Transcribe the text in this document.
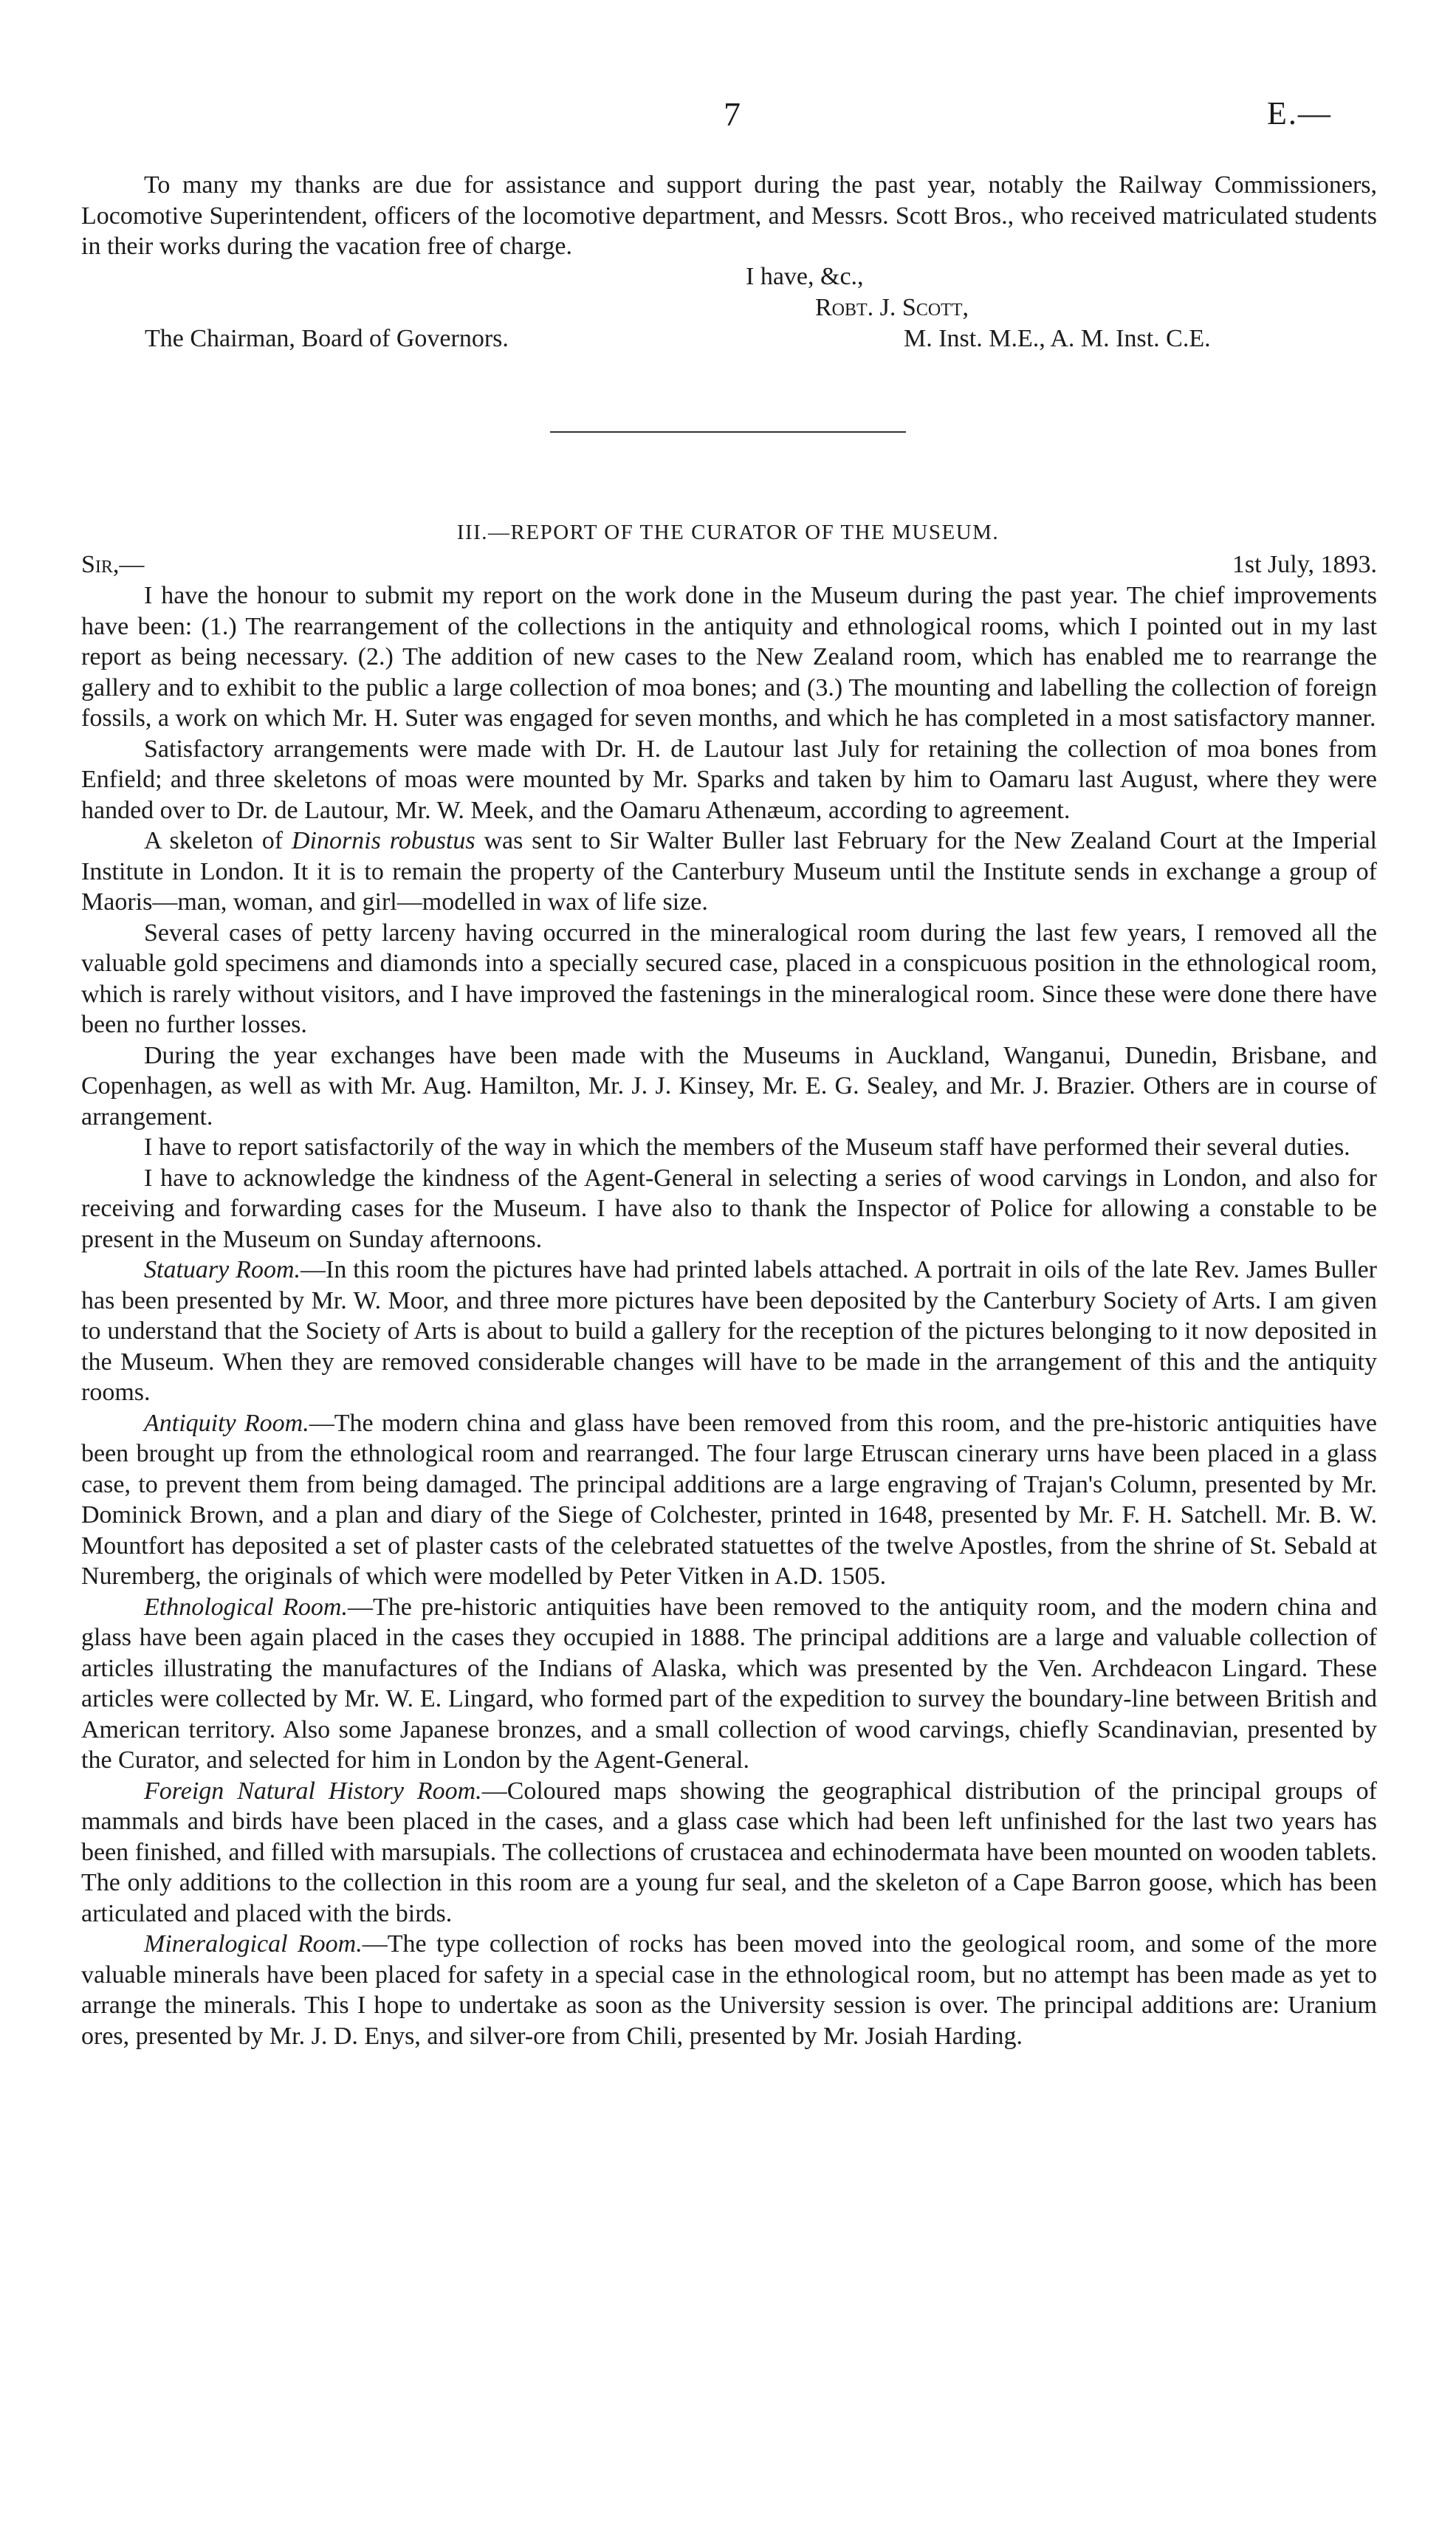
7	E.—

To many my thanks are due for assistance and support during the past year, notably the Railway Commissioners, Locomotive Superintendent, officers of the locomotive department, and Messrs. Scott Bros., who received matriculated students in their works during the vacation free of charge.

I have, &c.,
Robt. J. Scott,
The Chairman, Board of Governors.	M. Inst. M.E., A. M. Inst. C.E.
III.—REPORT OF THE CURATOR OF THE MUSEUM.
Sir,—	1st July, 1893.

I have the honour to submit my report on the work done in the Museum during the past year. The chief improvements have been: (1.) The rearrangement of the collections in the antiquity and ethnological rooms, which I pointed out in my last report as being necessary. (2.) The addition of new cases to the New Zealand room, which has enabled me to rearrange the gallery and to exhibit to the public a large collection of moa bones; and (3.) The mounting and labelling the collection of foreign fossils, a work on which Mr. H. Suter was engaged for seven months, and which he has completed in a most satisfactory manner.

Satisfactory arrangements were made with Dr. H. de Lautour last July for retaining the collection of moa bones from Enfield; and three skeletons of moas were mounted by Mr. Sparks and taken by him to Oamaru last August, where they were handed over to Dr. de Lautour, Mr. W. Meek, and the Oamaru Athenæum, according to agreement.

A skeleton of Dinornis robustus was sent to Sir Walter Buller last February for the New Zealand Court at the Imperial Institute in London. It it is to remain the property of the Canterbury Museum until the Institute sends in exchange a group of Maoris—man, woman, and girl—modelled in wax of life size.

Several cases of petty larceny having occurred in the mineralogical room during the last few years, I removed all the valuable gold specimens and diamonds into a specially secured case, placed in a conspicuous position in the ethnological room, which is rarely without visitors, and I have improved the fastenings in the mineralogical room. Since these were done there have been no further losses.

During the year exchanges have been made with the Museums in Auckland, Wanganui, Dunedin, Brisbane, and Copenhagen, as well as with Mr. Aug. Hamilton, Mr. J. J. Kinsey, Mr. E. G. Sealey, and Mr. J. Brazier. Others are in course of arrangement.

I have to report satisfactorily of the way in which the members of the Museum staff have performed their several duties.

I have to acknowledge the kindness of the Agent-General in selecting a series of wood carvings in London, and also for receiving and forwarding cases for the Museum. I have also to thank the Inspector of Police for allowing a constable to be present in the Museum on Sunday afternoons.

Statuary Room.—In this room the pictures have had printed labels attached. A portrait in oils of the late Rev. James Buller has been presented by Mr. W. Moor, and three more pictures have been deposited by the Canterbury Society of Arts. I am given to understand that the Society of Arts is about to build a gallery for the reception of the pictures belonging to it now deposited in the Museum. When they are removed considerable changes will have to be made in the arrangement of this and the antiquity rooms.

Antiquity Room.—The modern china and glass have been removed from this room, and the pre-historic antiquities have been brought up from the ethnological room and rearranged. The four large Etruscan cinerary urns have been placed in a glass case, to prevent them from being damaged. The principal additions are a large engraving of Trajan's Column, presented by Mr. Dominick Brown, and a plan and diary of the Siege of Colchester, printed in 1648, presented by Mr. F. H. Satchell. Mr. B. W. Mountfort has deposited a set of plaster casts of the celebrated statuettes of the twelve Apostles, from the shrine of St. Sebald at Nuremberg, the originals of which were modelled by Peter Vitken in A.D. 1505.

Ethnological Room.—The pre-historic antiquities have been removed to the antiquity room, and the modern china and glass have been again placed in the cases they occupied in 1888. The principal additions are a large and valuable collection of articles illustrating the manufactures of the Indians of Alaska, which was presented by the Ven. Archdeacon Lingard. These articles were collected by Mr. W. E. Lingard, who formed part of the expedition to survey the boundary-line between British and American territory. Also some Japanese bronzes, and a small collection of wood carvings, chiefly Scandinavian, presented by the Curator, and selected for him in London by the Agent-General.

Foreign Natural History Room.—Coloured maps showing the geographical distribution of the principal groups of mammals and birds have been placed in the cases, and a glass case which had been left unfinished for the last two years has been finished, and filled with marsupials. The collections of crustacea and echinodermata have been mounted on wooden tablets. The only additions to the collection in this room are a young fur seal, and the skeleton of a Cape Barron goose, which has been articulated and placed with the birds.

Mineralogical Room.—The type collection of rocks has been moved into the geological room, and some of the more valuable minerals have been placed for safety in a special case in the ethnological room, but no attempt has been made as yet to arrange the minerals. This I hope to undertake as soon as the University session is over. The principal additions are: Uranium ores, presented by Mr. J. D. Enys, and silver-ore from Chili, presented by Mr. Josiah Harding.
